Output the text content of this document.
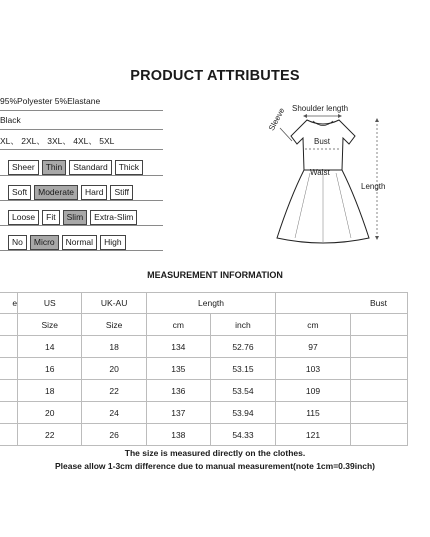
PRODUCT ATTRIBUTES
95%Polyester 5%Elastane
Black
XL、 2XL、 3XL、 4XL、 5XL
Sheer Thin Standard Thick
Soft Moderate Hard Stiff
Loose Fit Slim Extra-Slim
No Micro Normal High
Shoulder length
Sleeve
Bust
Waist
Length
MEASUREMENT INFORMATION
e	US	UK-AU	Length		Bust	
	Size	Size	cm	inch	cm	
	14	18	134	52.76	97	
	16	20	135	53.15	103	
	18	22	136	53.54	109	
	20	24	137	53.94	115	
	22	26	138	54.33	121	
The size is measured directly on the clothes.
Please allow 1-3cm difference due to manual measurement(note 1cm=0.39inch)
